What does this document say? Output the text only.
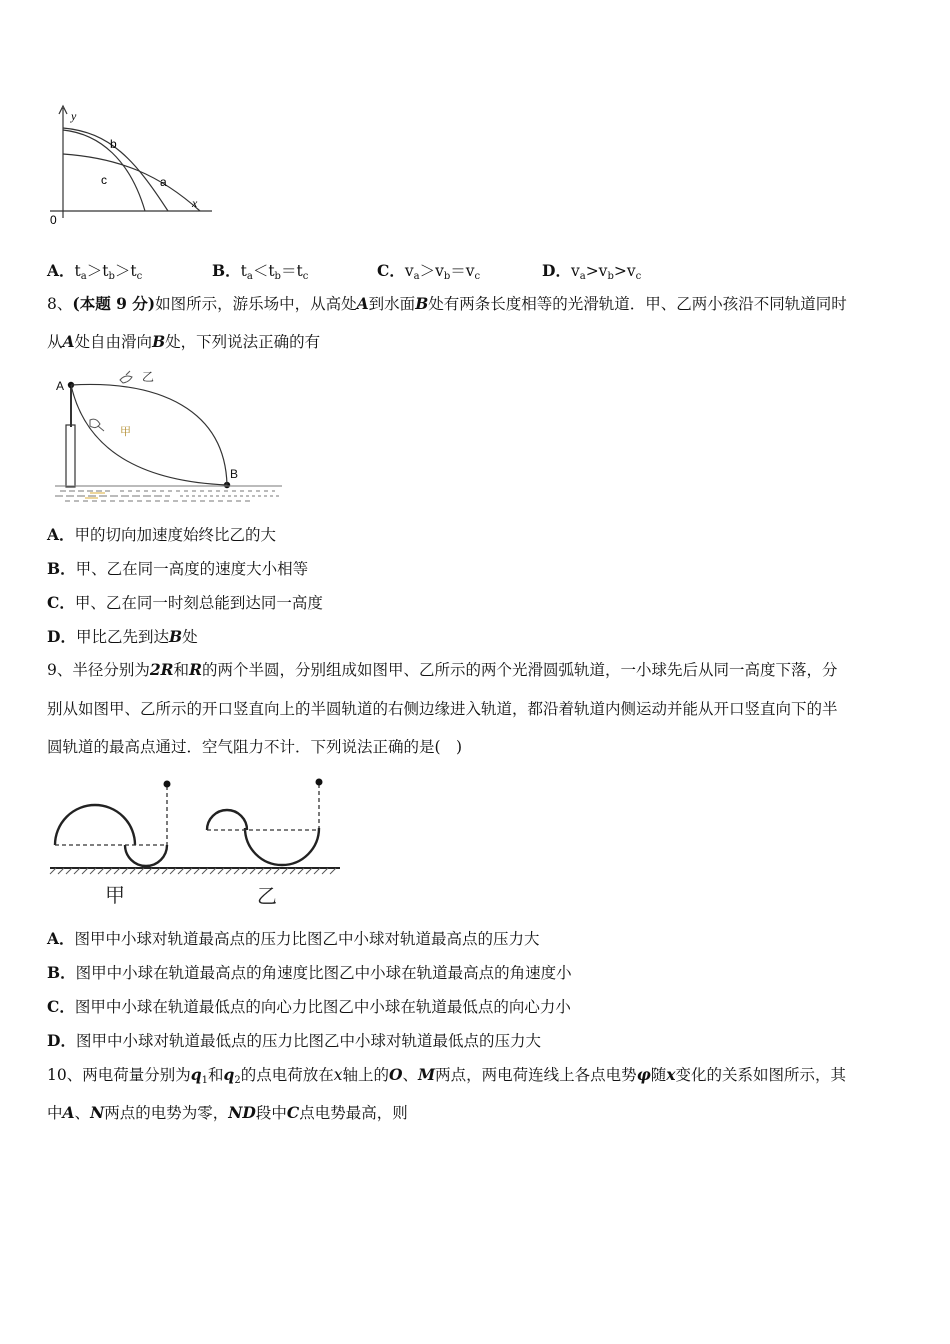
y
x
0
a
b
c
A．$t_a>t_b>t_c$	B．$t_a<t_b=t_c$	C．$v_a>v_b=v_c$	D．$v_a>v_b>v_c$
8、(本题 9 分)如图所示，游乐场中，从高处A到水面B处有两条长度相等的光滑轨道．甲、乙两小孩沿不同轨道同时
从A处自由滑向B处，下列说法正确的有
乙
甲
A
B
A．甲的切向加速度始终比乙的大
B．甲、乙在同一高度的速度大小相等
C．甲、乙在同一时刻总能到达同一高度
D．甲比乙先到达B处
9、半径分别为2R和R的两个半圆，分别组成如图甲、乙所示的两个光滑圆弧轨道，一小球先后从同一高度下落，分
别从如图甲、乙所示的开口竖直向上的半圆轨道的右侧边缘进入轨道，都沿着轨道内侧运动并能从开口竖直向下的半
圆轨道的最高点通过．空气阻力不计．下列说法正确的是(　)
甲	乙
A．图甲中小球对轨道最高点的压力比图乙中小球对轨道最高点的压力大
B．图甲中小球在轨道最高点的角速度比图乙中小球在轨道最高点的角速度小
C．图甲中小球在轨道最低点的向心力比图乙中小球在轨道最低点的向心力小
D．图甲中小球对轨道最低点的压力比图乙中小球对轨道最低点的压力大
10、两电荷量分别为$q_1$和$q_2$的点电荷放在x轴上的O、M两点，两电荷连线上各点电势φ随x变化的关系如图所示，其
中A、N两点的电势为零，ND段中C点电势最高，则
